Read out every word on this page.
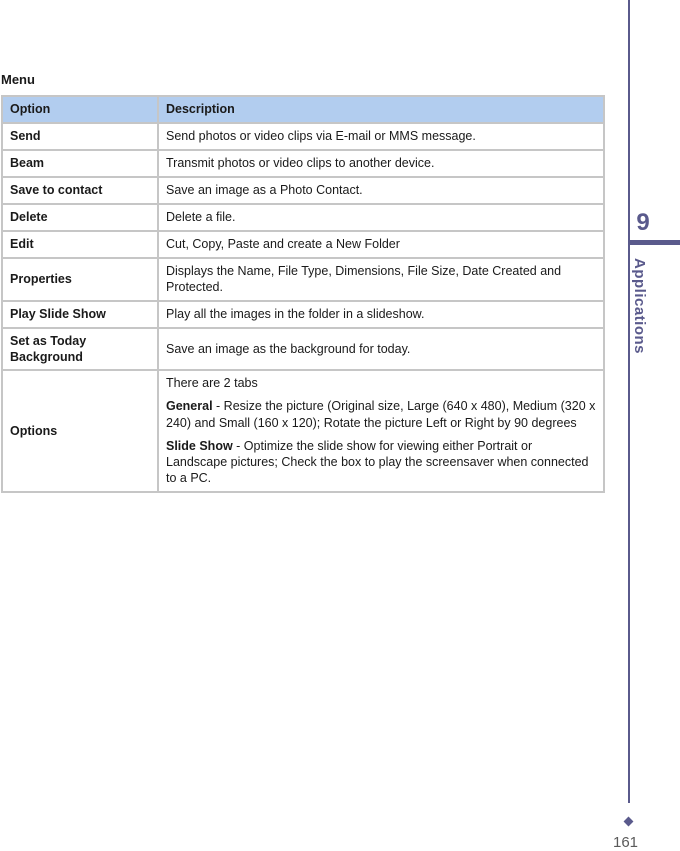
Menu
Option	Description
Send	Send photos or video clips via E-mail or MMS message.
Beam	Transmit photos or video clips to another device.
Save to contact	Save an image as a Photo Contact.
Delete	Delete a file.
Edit	Cut, Copy, Paste and create a New Folder
Properties	Displays the Name, File Type, Dimensions, File Size, Date Created and Protected.
Play Slide Show	Play all the images in the folder in a slideshow.
Set as Today Background	Save an image as the background for today.
Options	There are 2 tabs

General - Resize the picture (Original size, Large (640 x 480), Medium (320 x 240) and Small (160 x 120); Rotate the picture Left or Right by 90 degrees

Slide Show - Optimize the slide show for viewing either Portrait or Landscape pictures; Check the box to play the screensaver when connected to a PC.

9
Applications
161
